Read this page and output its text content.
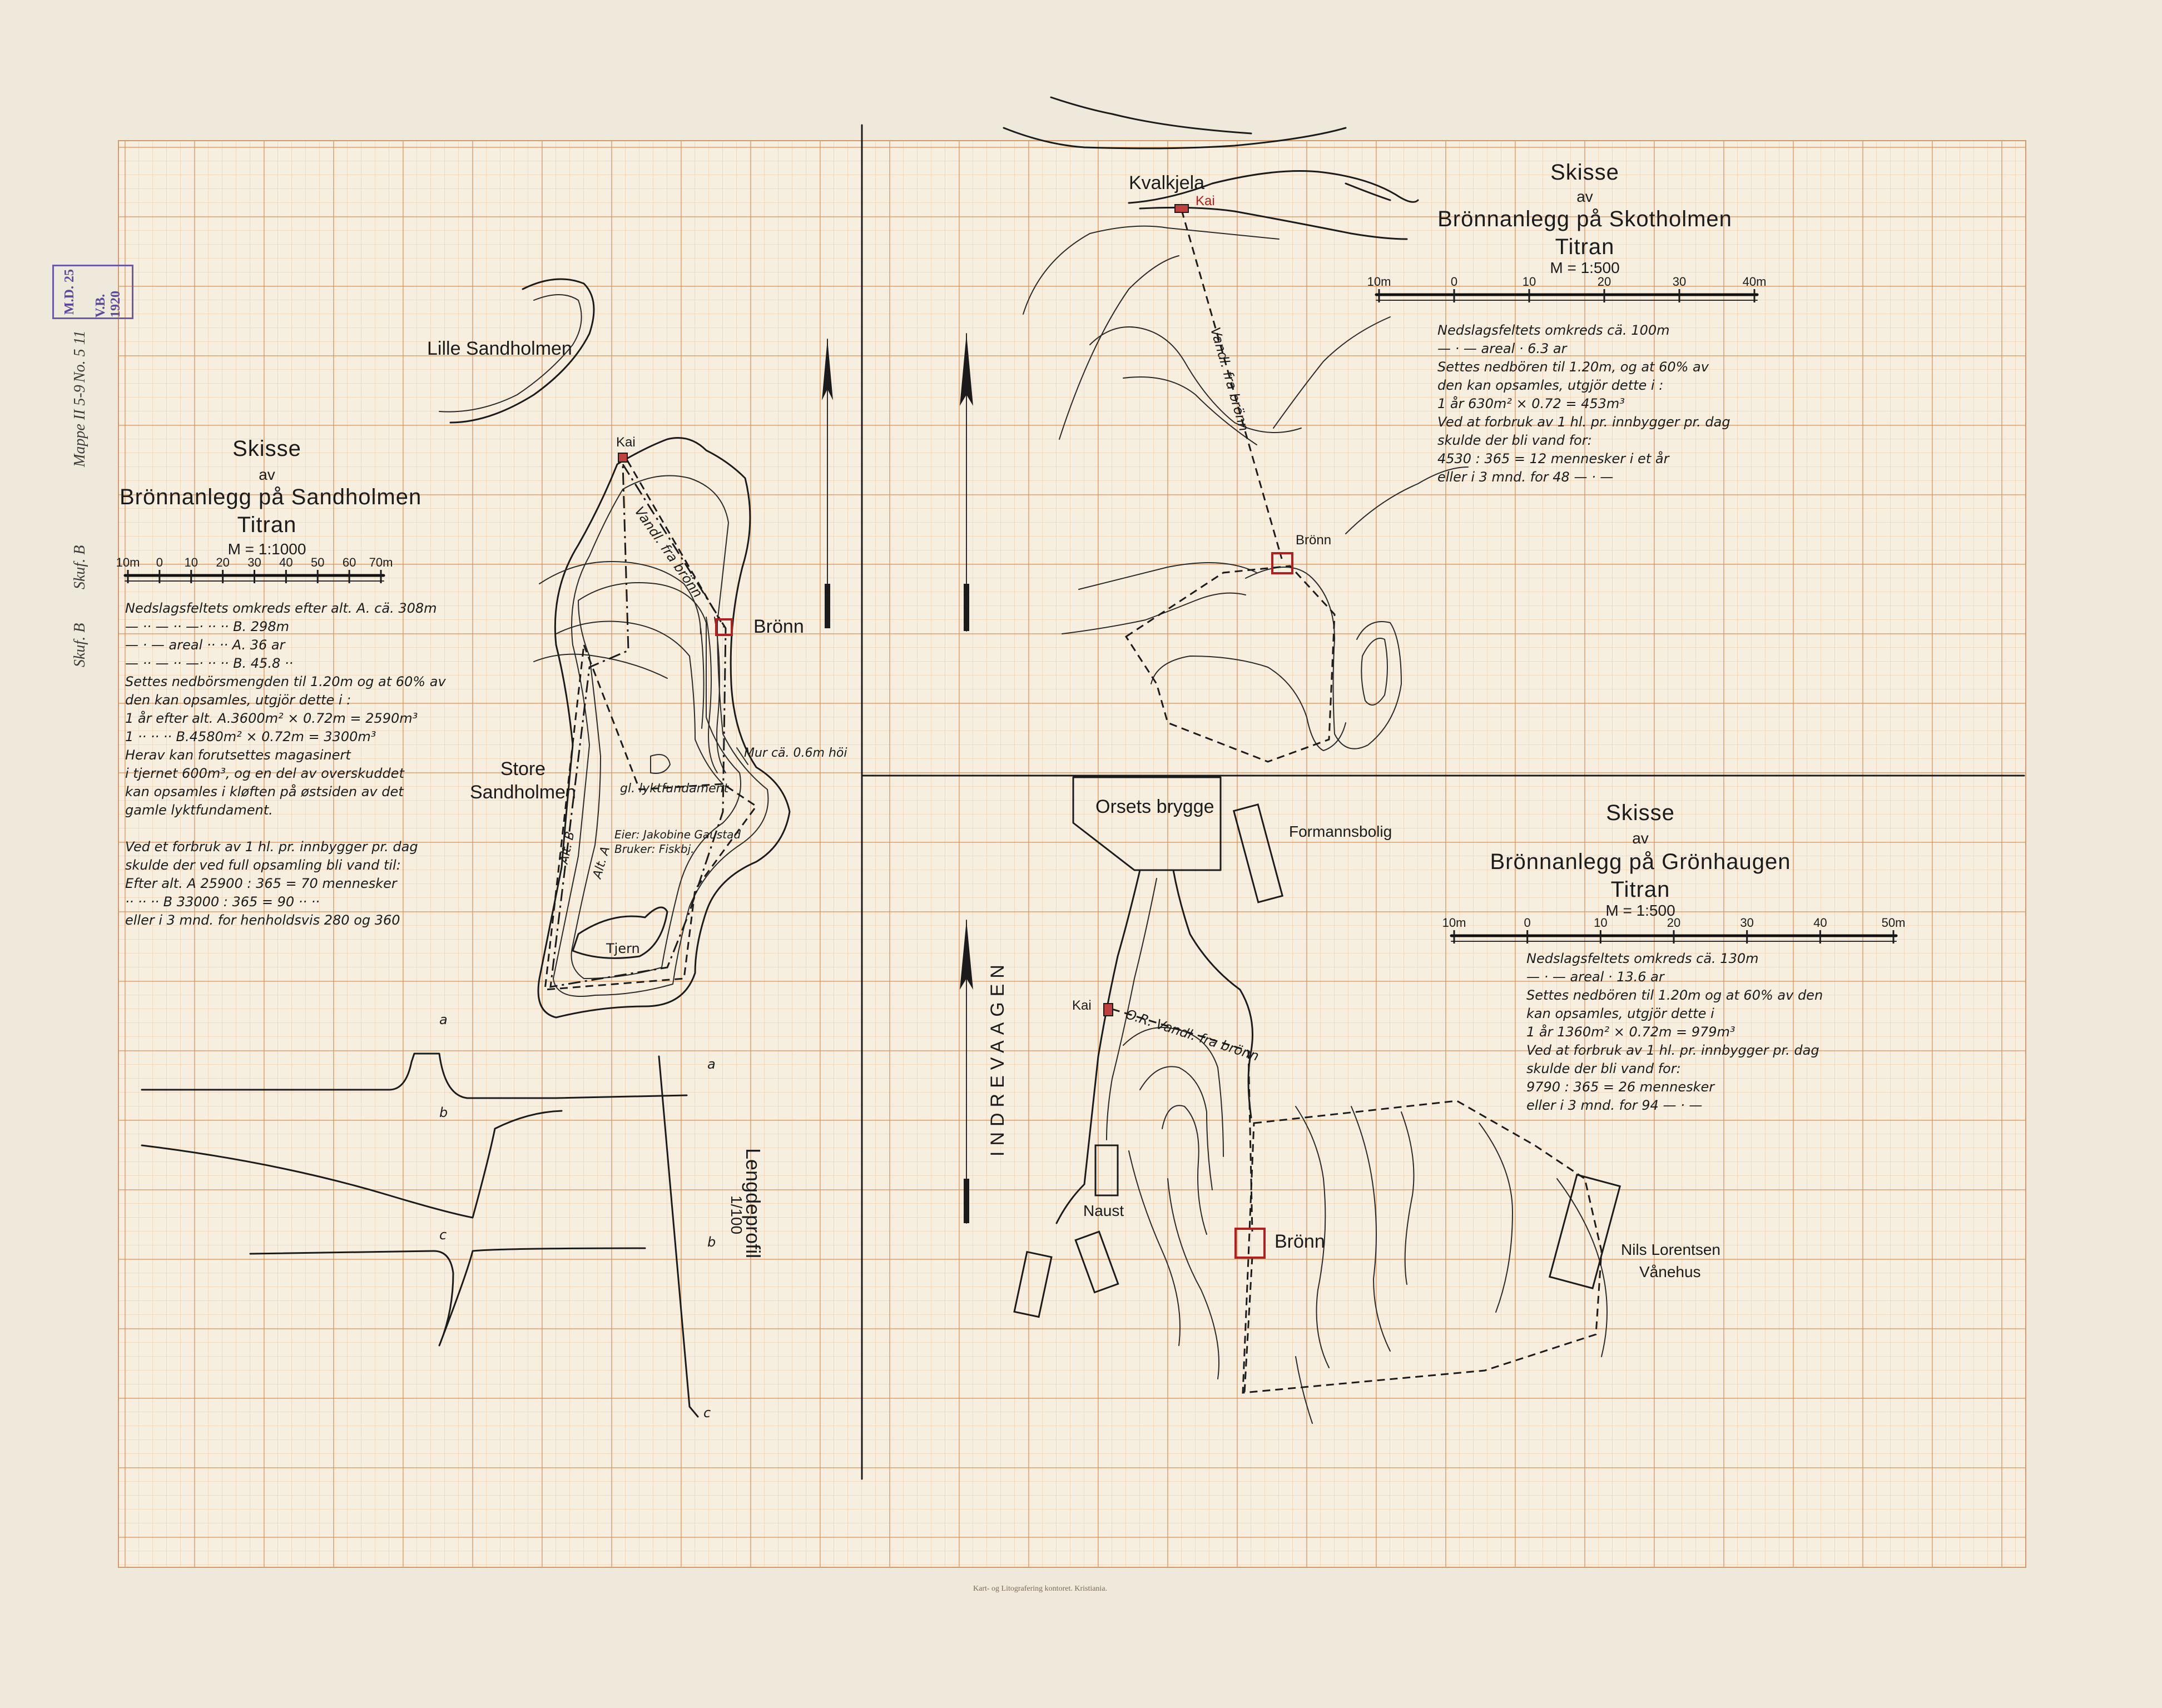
M.D. 25 V.B. 1920
Mappe II 5-9
No. 5 11
Skuf. B
Skuf. B
10m 0 10 20 30 40 50 60 70m
10m	0	10	20	30	40m
10m	0	10	20	30	40	50m
Skisse
av
Brönnanlegg på Sandholmen
Titran
M = 1:1000
Nedslagsfeltets omkreds efter alt. A. cä. 308m
— ·· — ·· —· ·· ·· B. 298m
— · — areal ·· ·· A. 36 ar
— ·· — ·· —· ·· ·· B. 45.8 ··
Settes nedbörsmengden til 1.20m og at 60% av
den kan opsamles, utgjör dette i :
1 år efter alt. A.3600m² × 0.72m = 2590m³
1 ·· ·· ·· B.4580m² × 0.72m = 3300m³
Herav kan forutsettes magasinert
i tjernet 600m³, og en del av overskuddet
kan opsamles i kløften på østsiden av det
gamle lyktfundament.

Ved et forbruk av 1 hl. pr. innbygger pr. dag
skulde der ved full opsamling bli vand til:
Efter alt. A 25900 : 365 = 70 mennesker
·· ·· ·· B 33000 : 365 = 90 ·· ··
eller i 3 mnd. for henholdsvis 280 og 360
Lille Sandholmen
Store
Sandholmen
Kai
Brönn
Vandl. fra brönn
Mur cä. 0.6m höi
gl. lyktfundament
Eier: Jakobine Gaustad
Bruker: Fiskbj.
Alt. B Alt. A
Tjern
Lengdeprofil
1/100
a
b
c
a
b
c
Skisse
av
Brönnanlegg på Skotholmen
Titran
M = 1:500
Nedslagsfeltets omkreds cä. 100m
— · — areal · 6.3 ar
Settes nedbören til 1.20m, og at 60% av
den kan opsamles, utgjör dette i :
1 år 630m² × 0.72 = 453m³
Ved at forbruk av 1 hl. pr. innbygger pr. dag
skulde der bli vand for:
4530 : 365 = 12 mennesker i et år
eller i 3 mnd. for 48 — · —
Kvalkjela
Kai
Vandl. fra brönn
Brönn
Skisse
av
Brönnanlegg på Grönhaugen
Titran
M = 1:500
Nedslagsfeltets omkreds cä. 130m
— · — areal · 13.6 ar
Settes nedbören til 1.20m og at 60% av den
kan opsamles, utgjör dette i
1 år 1360m² × 0.72m = 979m³
Ved at forbruk av 1 hl. pr. innbygger pr. dag
skulde der bli vand for:
9790 : 365 = 26 mennesker
eller i 3 mnd. for 94 — · —
Orsets brygge
Formannsbolig
INDREVAAGEN	Kai
O.R. Vandl. fra brönn
Naust
Brönn	Nils Lorentsen
Vånehus
Kart- og Litografering kontoret. Kristiania.
